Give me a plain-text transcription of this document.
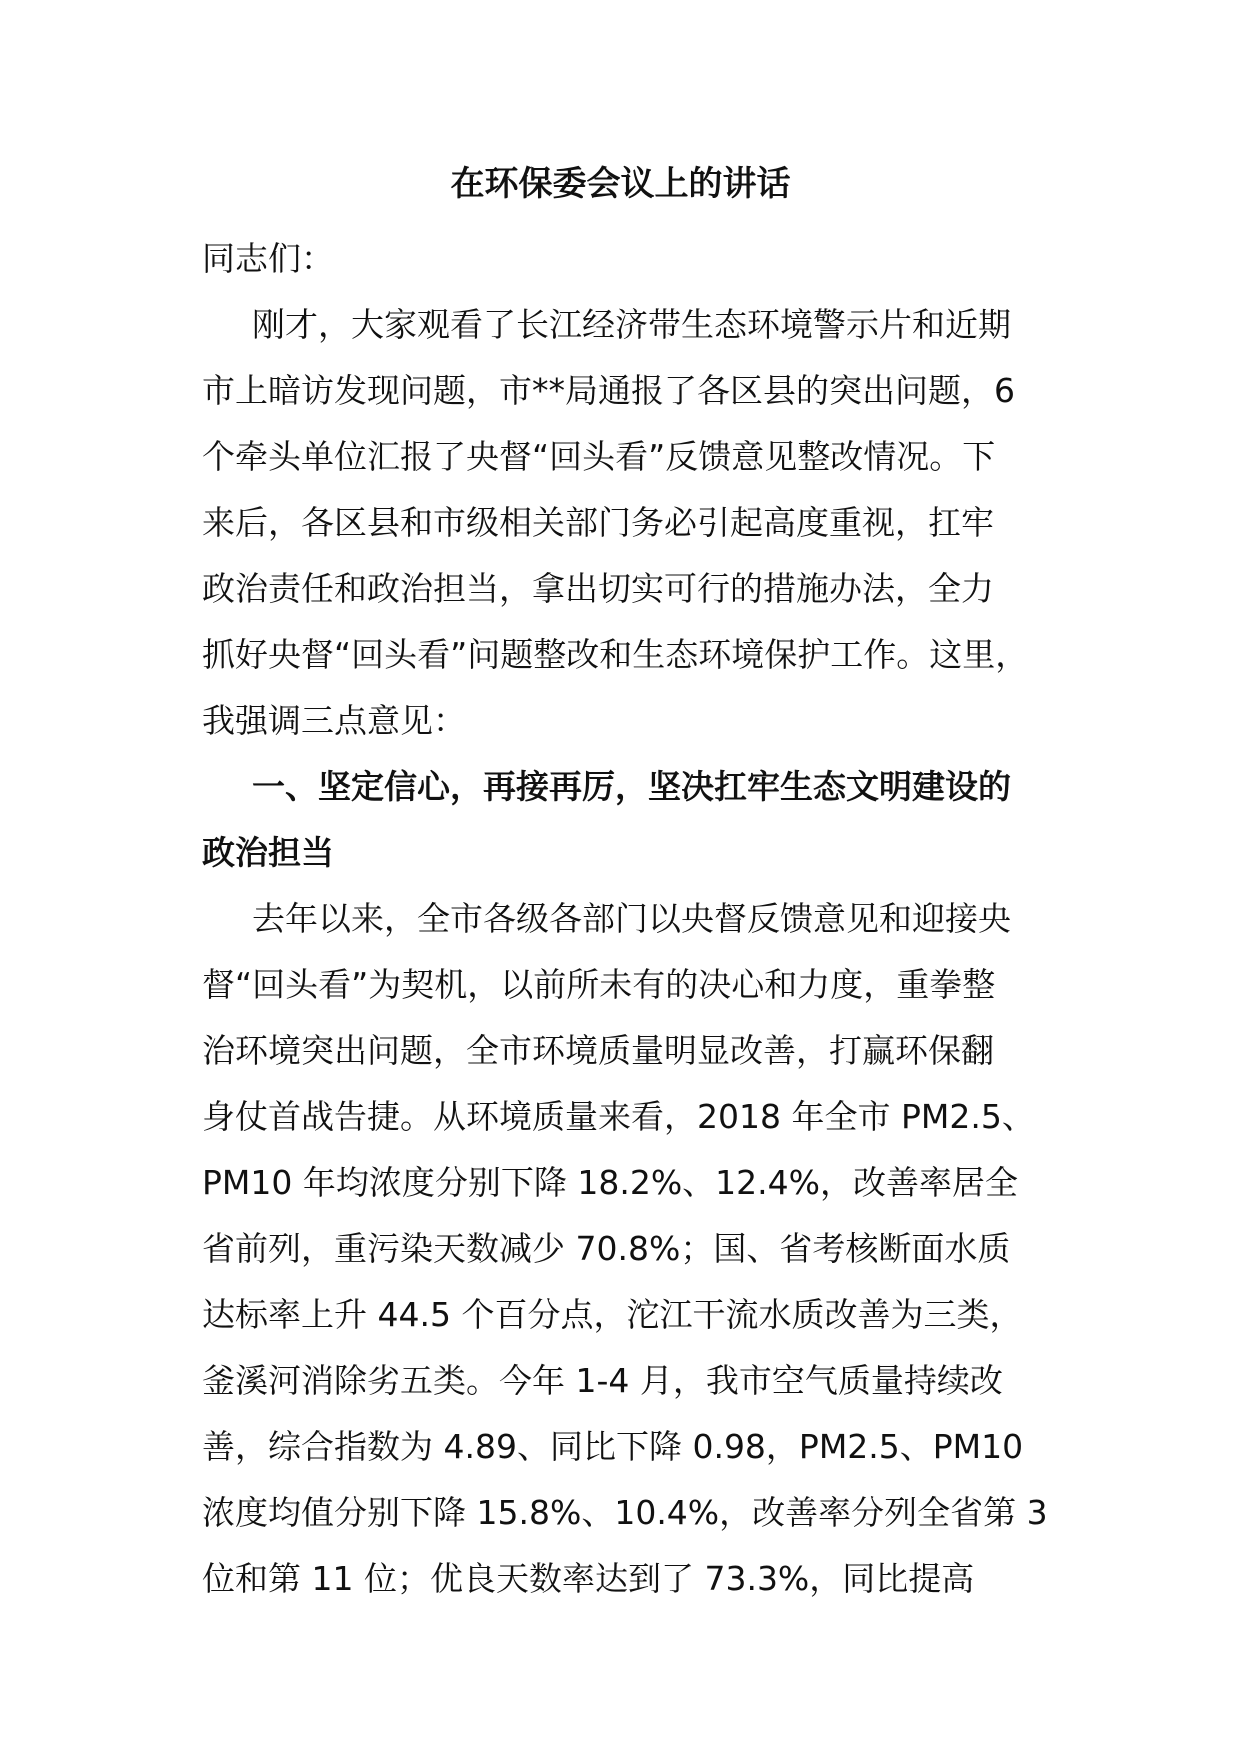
在环保委会议上的讲话
同志们：
刚才，大家观看了长江经济带生态环境警示片和近期
市上暗访发现问题，市**局通报了各区县的突出问题，6
个牵头单位汇报了央督“回头看”反馈意见整改情况。下
来后，各区县和市级相关部门务必引起高度重视，扛牢
政治责任和政治担当，拿出切实可行的措施办法，全力
抓好央督“回头看”问题整改和生态环境保护工作。这里，
我强调三点意见：
一、坚定信心，再接再厉，坚决扛牢生态文明建设的
政治担当
去年以来，全市各级各部门以央督反馈意见和迎接央
督“回头看”为契机，以前所未有的决心和力度，重拳整
治环境突出问题，全市环境质量明显改善，打赢环保翻
身仗首战告捷。从环境质量来看，2018 年全市 PM2.5、
PM10 年均浓度分别下降 18.2%、12.4%，改善率居全
省前列，重污染天数减少 70.8%；国、省考核断面水质
达标率上升 44.5 个百分点，沱江干流水质改善为三类，
釜溪河消除劣五类。今年 1-4 月，我市空气质量持续改
善，综合指数为 4.89、同比下降 0.98，PM2.5、PM10
浓度均值分别下降 15.8%、10.4%，改善率分列全省第 3
位和第 11 位；优良天数率达到了 73.3%，同比提高
